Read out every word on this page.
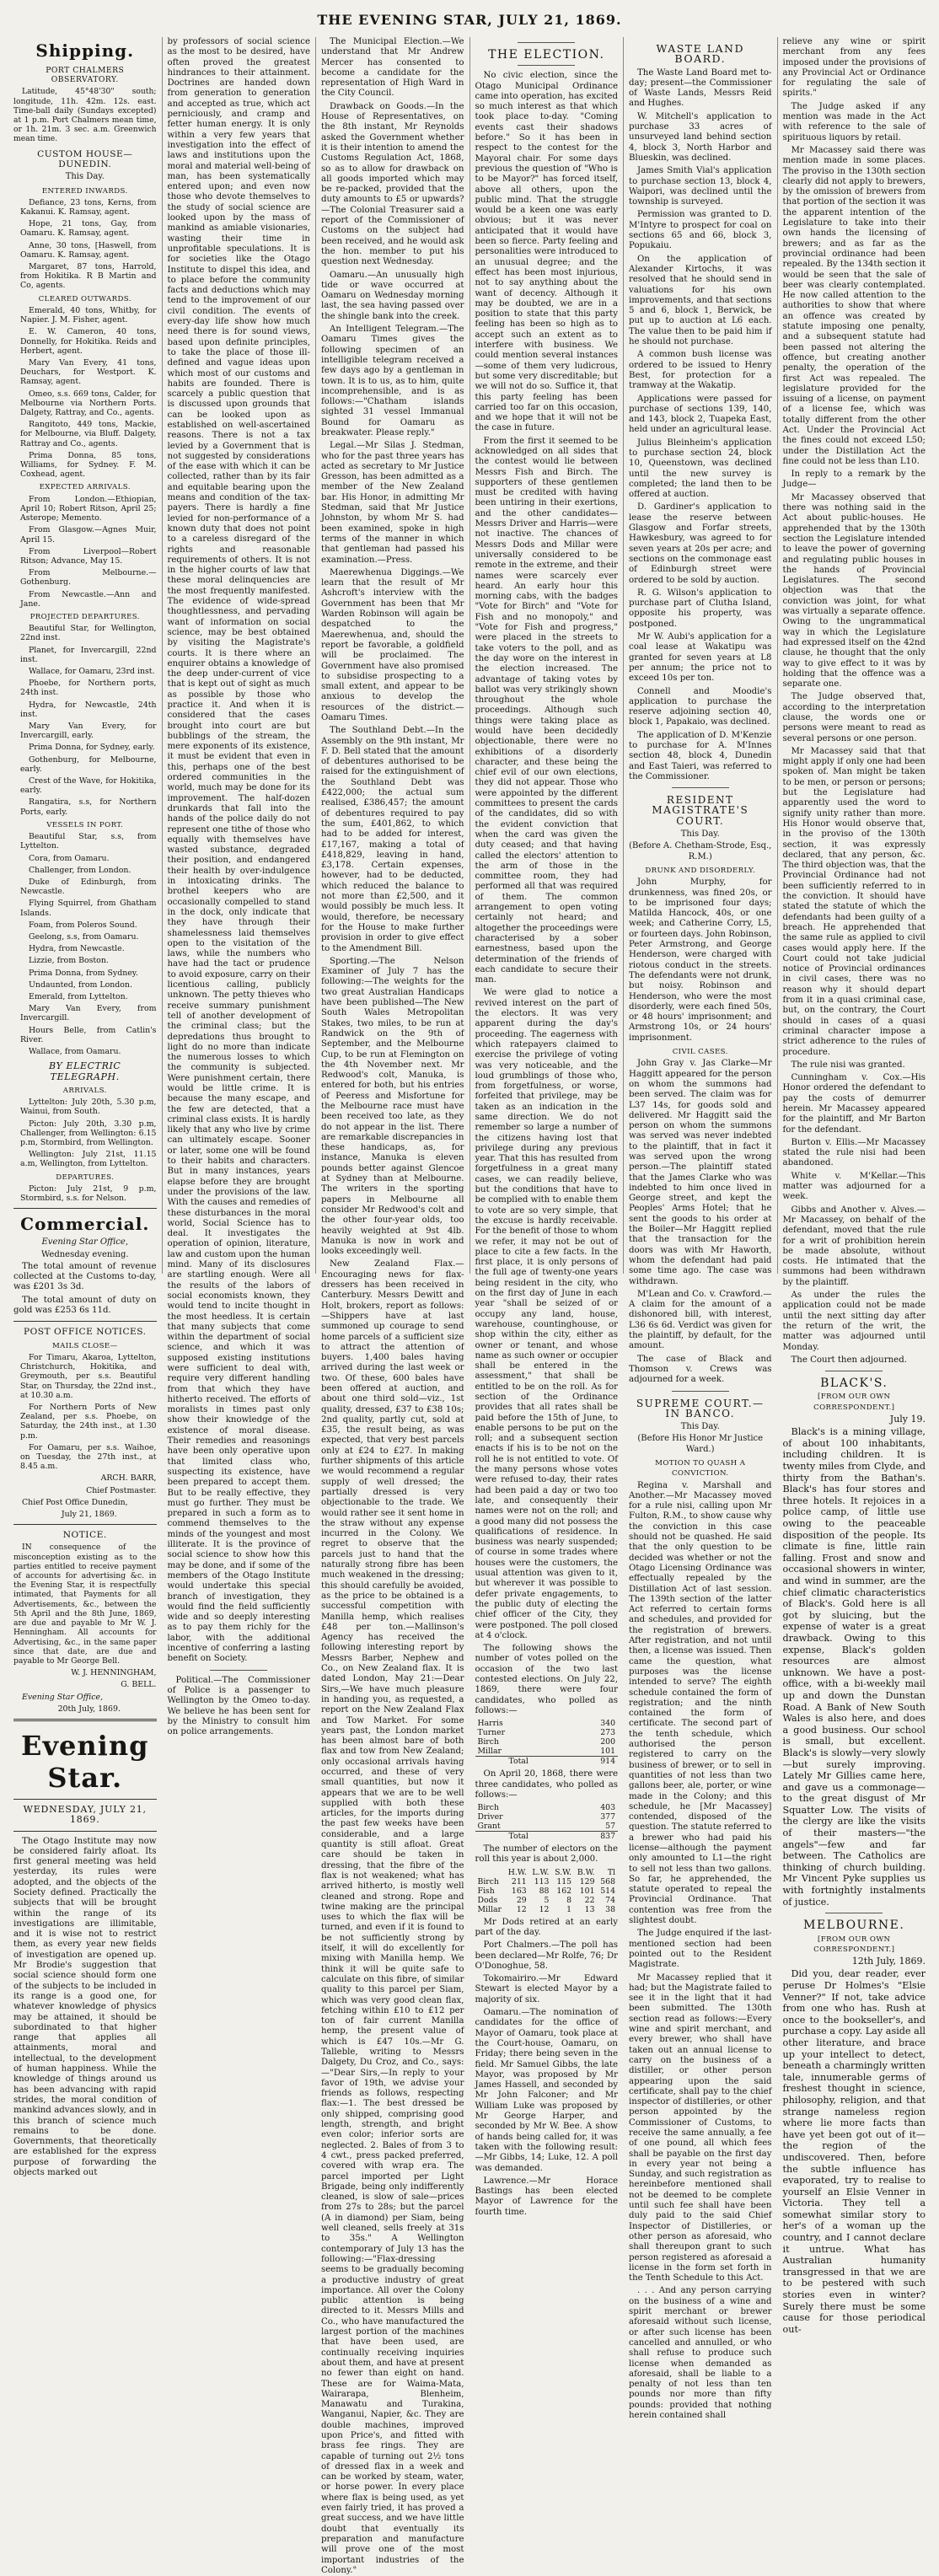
THE EVENING STAR, JULY 21, 1869.
Shipping.
PORT CHALMERS OBSERVATORY.

Latitude, 45°48'30" south; longitude, 11h. 42m. 12s. east. Time-ball daily (Sundays excepted) at 1 p.m. Port Chalmers mean time, or 1h. 21m. 3 sec. a.m. Greenwich mean time.

CUSTOM HOUSE—DUNEDIN.
This Day.
ENTERED INWARDS.

Defiance, 23 tons, Kerns, from Kakanui. K. Ramsay, agent.

Hope, 21 tons, Gay, from Oamaru. K. Ramsay, agent.

Anne, 30 tons, [Haswell, from Oamaru. K. Ramsay, agent.

Margaret, 87 tons, Harrold, from Hokitika. R B Martin and Co, agents.

CLEARED OUTWARDS.

Emerald, 40 tons, Whitby, for Napier. J. M. Fisher, agent.

E. W. Cameron, 40 tons, Donnelly, for Hokitika. Reids and Herbert, agent.

Mary Van Every, 41 tons, Deuchars, for Westport. K. Ramsay, agent.

Omeo, s.s. 669 tons, Calder, for Melbourne via Northern Ports. Dalgety, Rattray, and Co., agents.

Rangitoto, 449 tons, Mackie, for Melbourne, via Bluff. Dalgety, Rattray and Co., agents.

Prima Donna, 85 tons, Williams, for Sydney. F. M. Coxhead, agent.

EXPECTED ARRIVALS.

From London.—Ethiopian, April 10; Robert Ritson, April 25; Asterope; Memento.

From Glasgow.—Agnes Muir, April 15.

From Liverpool—Robert Ritson; Advance, May 15.

From Melbourne.—Gothenburg.

From Newcastle.—Ann and Jane.

PROJECTED DEPARTURES.

Beautiful Star, for Wellington, 22nd inst.

Planet, for Invercargill, 22nd inst.

Wallace, for Oamaru, 23rd inst.

Phoebe, for Northern ports, 24th inst.

Hydra, for Newcastle, 24th inst.

Mary Van Every, for Invercargill, early.

Prima Donna, for Sydney, early.

Gothenburg, for Melbourne, early.

Crest of the Wave, for Hokitika, early.

Rangatira, s.s, for Northern Ports, early.

VESSELS IN PORT.

Beautiful Star, s.s, from Lyttelton.

Cora, from Oamaru.

Challenger, from London.

Duke of Edinburgh, from Newcastle.

Flying Squirrel, from Ghatham Islands.

Foam, from Poleros Sound.

Geelong, s.s, from Oamaru.

Hydra, from Newcastle.

Lizzie, from Boston.

Prima Donna, from Sydney.

Undaunted, from London.

Emerald, from Lyttelton.

Mary Van Every, from Invercargill.

Hours Belle, from Catlin's River.

Wallace, from Oamaru.

BY ELECTRIC TELEGRAPH.
ARRIVALS.

Lyttelton: July 20th, 5.30 p.m, Wainui, from South.

Picton: July 20th, 3.30 p.m, Challenger, from Wellington: 6.15 p.m, Stormbird, from Wellington.

Wellington: July 21st, 11.15 a.m, Wellington, from Lyttelton.

DEPARTURES.

Picton: July 21st, 9 p.m, Stormbird, s.s. for Nelson.

Commercial.
Evening Star Office,
Wednesday evening.

The total amount of revenue collected at the Customs to-day, was £201 3s 3d.

The total amount of duty on gold was £253 6s 11d.

POST OFFICE NOTICES.
MAILS CLOSE—

For Timaru, Akaroa, Lyttelton, Christchurch, Hokitika, and Greymouth, per s.s. Beautiful Star, on Thursday, the 22nd inst., at 10.30 a.m.

For Northern Ports of New Zealand, per s.s. Phoebe, on Saturday, the 24th inst., at 1.30 p.m.

For Oamaru, per s.s. Waihoe, on Tuesday, the 27th inst., at 8.45 a.m.

ARCH. BARR,

Chief Postmaster.

Chief Post Office Dunedin,

July 21, 1869.

NOTICE.

IN consequence of the misconception existing as to the parties entitled to receive payment of accounts for advertising &c. in the Evening Star, it is respectfully intimated, that Payments for all Advertisements, &c., between the 5th April and the 8th June, 1869, are due and payable to Mr W. J. Henningham. All accounts for Advertising, &c., in the same paper since that date, are due and payable to Mr George Bell.

W. J. HENNINGHAM,

G. BELL.

Evening Star Office,

20th July, 1869.

Evening Star.
WEDNESDAY, JULY 21, 1869.

The Otago Institute may now be considered fairly afloat. Its first general meeting was held yesterday, its rules were adopted, and the objects of the Society defined. Practically the subjects that will be brought within the range of its investigations are illimitable, and it is wise not to restrict them, as every year new fields of investigation are opened up. Mr Brodie's suggestion that social science should form one of the subjects to be included in its range is a good one, for whatever knowledge of physics may be attained, it should be subordinated to that higher range that applies all attainments, moral and intellectual, to the development of human happiness. While the knowledge of things around us has been advancing with rapid strides, the moral condition of mankind advances slowly, and in this branch of science much remains to be done. Governments, that theoretically are established for the express purpose of forwarding the objects marked out

by professors of social science as the most to be desired, have often proved the greatest hindrances to their attainment. Doctrines are handed down from generation to generation and accepted as true, which act perniciously, and cramp and fetter human energy. It is only within a very few years that investigation into the effect of laws and institutions upon the moral and material well-being of man, has been systematically entered upon; and even now those who devote themselves to the study of social science are looked upon by the mass of mankind as amiable visionaries, wasting their time in unprofitable speculations. It is for societies like the Otago Institute to dispel this idea, and to place before the community facts and deductions which may tend to the improvement of our civil condition. The events of every-day life show how much need there is for sound views, based upon definite principles, to take the place of those ill-defined and vague ideas upon which most of our customs and habits are founded. There is scarcely a public question that is discussed upon grounds that can be looked upon as established on well-ascertained reasons. There is not a tax levied by a Government that is not suggested by considerations of the ease with which it can be collected, rather than by its fair and equitable bearing upon the means and condition of the tax-payers. There is hardly a fine levied for non-performance of a known duty that does not point to a careless disregard of the rights and reasonable requirements of others. It is not in the higher courts of law that these moral delinquencies are the most frequently manifested. The evidence of wide-spread thoughtlessness, and pervading want of information on social science, may be best obtained by visiting the Magistrate's courts. It is there where an enquirer obtains a knowledge of the deep under-current of vice that is kept out of sight as much as possible by those who practice it. And when it is considered that the cases brought into court are but bubblings of the stream, the mere exponents of its existence, it must be evident that even in this, perhaps one of the best ordered communities in the world, much may be done for its improvement. The half-dozen drunkards that fall into the hands of the police daily do not represent one tithe of those who equally with themselves have wasted substance, degraded their position, and endangered their health by over-indulgence in intoxicating drinks. The brothel keepers who are occasionally compelled to stand in the dock, only indicate that they have through their shamelessness laid themselves open to the visitation of the laws, while the numbers who have had the tact or prudence to avoid exposure, carry on their licentious calling, publicly unknown. The petty thieves who receive summary punishment tell of another development of the criminal class; but the depredations thus brought to light do no more than indicate the numerous losses to which the community is subjected. Were punishment certain, there would be little crime. It is because the many escape, and the few are detected, that a criminal class exists. It is hardly likely that any who live by crime can ultimately escape. Sooner or later, some one will be found to their habits and characters. But in many instances, years elapse before they are brought under the provisions of the law. With the causes and remedies of these disturbances in the moral world, Social Science has to deal. It investigates the operation of opinion, literature, law and custom upon the human mind. Many of its disclosures are startling enough. Were all the results of the labors of social economists known, they would tend to incite thought in the most heedless. It is certain that many subjects that come within the department of social science, and which it was supposed existing institutions were sufficient to deal with, require very different handling from that which they have hitherto received. The efforts of moralists in times past only show their knowledge of the existence of moral disease. Their remedies and reasonings have been only operative upon that limited class who, suspecting its existence, have been prepared to accept them. But to be really effective, they must go further. They must be prepared in such a form as to commend themselves to the minds of the youngest and most illiterate. It is the province of social science to show how this may be done, and if some of the members of the Otago Institute would undertake this special branch of investigation, they would find the field sufficiently wide and so deeply interesting as to pay them richly for the labor, with the additional incentive of conferring a lasting benefit on Society.

Political.—The Commissioner of Police is a passenger to Wellington by the Omeo to-day. We believe he has been sent for by the Ministry to consult him on police arrangements.

The Municipal Election.—We understand that Mr Andrew Mercer has consented to become a candidate for the representation of High Ward in the City Council.

Drawback on Goods.—In the House of Representatives, on the 8th instant, Mr Reynolds asked the Government whether it is their intention to amend the Customs Regulation Act, 1868, so as to allow for drawback on all goods imported which may be re-packed, provided that the duty amounts to £5 or upwards?—The Colonial Treasurer said a report of the Commissioner of Customs on the subject had been received, and he would ask the hon. member to put his question next Wednesday.

Oamaru.—An unusually high tide or wave occurred at Oamaru on Wednesday morning last, the sea having passed over the shingle bank into the creek.

An Intelligent Telegram.—The Oamaru Times gives the following specimen of an intelligible telegram received a few days ago by a gentleman in town. It is to us, as to him, quite incomprehensible, and is as follows:—"Chatham islands sighted 31 vessel Immanual Bound for Oamaru as breakwater. Please reply."

Legal.—Mr Silas J. Stedman, who for the past three years has acted as secretary to Mr Justice Gresson, has been admitted as a member of the New Zealand bar. His Honor, in admitting Mr Stedman, said that Mr Justice Johnston, by whom Mr S. had been examined, spoke in high terms of the manner in which that gentleman had passed his examination.—Press.

Maerewhenua Diggings.—We learn that the result of Mr Ashcroft's interview with the Government has been that Mr Warden Robinson will again be despatched to the Maerewhenua, and, should the report be favorable, a goldfield will be proclaimed. The Government have also promised to subsidise prospecting to a small extent, and appear to be anxious to develop the resources of the district.—Oamaru Times.

The Southland Debt.—In the Assembly on the 9th instant, Mr F. D. Bell stated that the amount of debentures authorised to be raised for the extinguishment of the Southland Debt was £422,000; the actual sum realised, £386,457; the amount of debentures required to pay the sum, £401,862, to which had to be added for interest, £17,167, making a total of £418,829, leaving in hand, £3,178. Certain expenses, however, had to be deducted, which reduced the balance to not more than £2,500, and it would possibly be much less. It would, therefore, be necessary for the House to make further provision in order to give effect to the Amendment Bill.

Sporting.—The Nelson Examiner of July 7 has the following:—The weights for the two great Australian Handicaps have been published—The New South Wales Metropolitan Stakes, two miles, to be run at Randwick on the 9th of September, and the Melbourne Cup, to be run at Flemington on the 4th November next. Mr Redwood's colt, Manuka, is entered for both, but his entries of Peeress and Misfortune for the Melbourne race must have been received too late, as they do not appear in the list. There are remarkable discrepancies in these handicaps, as, for instance, Manuka is eleven pounds better against Glencoe at Sydney than at Melbourne. The writers in the sporting papers in Melbourne all consider Mr Redwood's colt and the other four-year olds, too heavily weighted at 9st 4lb. Manuka is now in work and looks exceedingly well.

New Zealand Flax.—Encouraging news for flax-dressers has been received in Canterbury. Messrs Dewitt and Holt, brokers, report as follows:—Shippers have at last summoned up courage to send home parcels of a sufficient size to attract the attention of buyers. 1,400 bales having arrived during the last week or two. Of these, 600 bales have been offered at auction, and about one third sold—viz., 1st quality, dressed, £37 to £38 10s; 2nd quality, partly cut, sold at £35, the result being, as was expected, that very best parcels only at £24 to £27. In making further shipments of this article we would recommend a regular supply of well dressed; the partially dressed is very objectionable to the trade. We would rather see it sent home in the straw without any expense incurred in the Colony. We regret to observe that the parcels just to hand that the naturally strong fibre has been much weakened in the dressing; this should carefully be avoided, as the price to be obtained is a successful competition with Manilla hemp, which realises £48 per ton.—Mallinson's Agency has received the following interesting report by Messrs Barber, Nephew and Co., on New Zealand flax. It is dated London, May 21:—Dear Sirs,—We have much pleasure in handing you, as requested, a report on the New Zealand Flax and Tow Market. For some years past, the London market has been almost bare of both flax and tow from New Zealand; only occasional arrivals having occurred, and these of very small quantities, but now it appears that we are to be well supplied with both these articles, for the imports during the past few weeks have been considerable, and a large quantity is still afloat. Great care should be taken in dressing, that the fibre of the flax is not weakened; what has arrived hitherto, is mostly well cleaned and strong. Rope and twine making are the principal uses to which the flax will be turned, and even if it is found to be not sufficiently strong by itself, it will do excellently for mixing with Manilla hemp. We think it will be quite safe to calculate on this fibre, of similar quality to this parcel per Siam, which was very good clean flax, fetching within £10 to £12 per ton of fair current Manilla hemp, the present value of which is £47 10s.—Mr G. Talleble, writing to Messrs Dalgety, Du Croz, and Co., says:—"Dear Sirs,—In reply to your favor of 19th, we advise your friends as follows, respecting flax:—1. The best dressed be only shipped, comprising good length, strength, and bright even color; inferior sorts are neglected. 2. Bales of from 3 to 4 cwt., press packed preferred, covered with wrap era. The parcel imported per Light Brigade, being only indifferently cleaned, is slow of sale—prices from 27s to 28s; but the parcel (A in diamond) per Siam, being well cleaned, sells freely at 31s to 35s." A Wellington contemporary of July 13 has the following:—"Flax-dressing seems to be gradually becoming a productive industry of great importance. All over the Colony public attention is being directed to it. Messrs Mills and Co., who have manufactured the largest portion of the machines that have been used, are continually receiving inquiries about them, and have at present no fewer than eight on hand. These are for Waima-Mata, Wairarapa, Blenheim, Manawatu and Turakina, Wanganui, Napier, &c. They are double machines, improved upon Price's, and fitted with brass fee rings. They are capable of turning out 2½ tons of dressed flax in a week and can be worked by steam, water, or horse power. In every place where flax is being used, as yet even fairly tried, it has proved a great success, and we have little doubt that eventually its preparation and manufacture will prove one of the most important industries of the Colony."

THE ELECTION.

No civic election, since the Otago Municipal Ordinance came into operation, has excited so much interest as that which took place to-day. "Coming events cast their shadows before." So it has been in respect to the contest for the Mayoral chair. For some days previous the question of "Who is to be Mayor?" has forced itself, above all others, upon the public mind. That the struggle would be a keen one was early obvious; but it was never anticipated that it would have been so fierce. Party feeling and personalities were introduced to an unusual degree; and the effect has been most injurious, not to say anything about the want of decency. Although it may be doubted, we are in a position to state that this party feeling has been so high as to accept such an extent as to interfere with business. We could mention several instances—some of them very ludicrous, but some very discreditable; but we will not do so. Suffice it, that this party feeling has been carried too far on this occasion, and we hope that it will not be the case in future.

From the first it seemed to be acknowledged on all sides that the contest would lie between Messrs Fish and Birch. The supporters of these gentlemen must be credited with having been untiring in their exertions, and the other candidates—Messrs Driver and Harris—were not inactive. The chances of Messrs Dods and Millar were universally considered to be remote in the extreme, and their names were scarcely ever heard. An early hour this morning cabs, with the badges "Vote for Birch" and "Vote for Fish and no monopoly," and "Vote for Fish and progress," were placed in the streets to take voters to the poll, and as the day wore on the interest in the election increased. The advantage of taking votes by ballot was very strikingly shown throughout the whole proceedings. Although such things were taking place as would have been decidedly objectionable, there were no exhibitions of a disorderly character, and these being the chief evil of our own elections, they did not appear. Those who were appointed by the different committees to present the cards of the candidates, did so with the evident conviction that when the card was given the duty ceased; and that having called the electors' attention to the arm of those in the committee room, they had performed all that was required of them. The common arrangement to open voting certainly not heard; and altogether the proceedings were characterised by a sober earnestness, based upon the determination of the friends of each candidate to secure their man.

We were glad to notice a revived interest on the part of the electors. It was very apparent during the day's proceeding. The eagerness with which ratepayers claimed to exercise the privilege of voting was very noticeable, and the loud grumblings of those who, from forgetfulness, or worse, forfeited that privilege, may be taken as an indication in the same direction. We do not remember so large a number of the citizens having lost that privilege during any previous year. That this has resulted from forgetfulness in a great many cases, we can readily believe, but the conditions that have to be complied with to enable them to vote are so very simple, that the excuse is hardly receivable. For the benefit of those to whom we refer, it may not be out of place to cite a few facts. In the first place, it is only persons of the full age of twenty-one years being resident in the city, who on the first day of June in each year "shall be seized of or occupy any land, house, warehouse, countinghouse, or shop within the city, either as owner or tenant, and whose name as such owner or occupier shall be entered in the assessment," that shall be entitled to be on the roll. As for section of the Ordinance provides that all rates shall be paid before the 15th of June, to enable persons to be put on the roll; and a subsequent section enacts if his is to be not on the roll he is not entitled to vote. Of the many persons whose votes were refused to-day, their rates had been paid a day or two too late, and consequently their names were not on the roll; and a good many did not possess the qualifications of residence. In business was nearly suspended; of course in some trades where houses were the customers, the usual attention was given to it, but wherever it was possible to defer private engagements, to the public duty of electing the chief officer of the City, they were postponed. The poll closed at 4 o'clock.

The following shows the number of votes polled on the occasion of the two last contested elections. On July 22, 1869, there were four candidates, who polled as follows:—

Harris	340
Turner	273
Birch	200
Millar	101
Total	914

On April 20, 1868, there were three candidates, who polled as follows:—

Birch	403
Driver	377
Grant	57
Total	837

The number of electors on the roll this year is about 2,000.

	H.W.	L.W.	S.W.	B.W.	Tl
Birch	211	113	115	129	568
Fish	163	88	162	101	514
Dods	29	5	8	22	74
Millar	12	12	1	13	38

Mr Dods retired at an early part of the day.

Port Chalmers.—The poll has been declared—Mr Rolfe, 76; Dr O'Donoghue, 58.

Tokomairiro.—Mr Edward Stewart is elected Mayor by a majority of six.

Oamaru.—The nomination of candidates for the office of Mayor of Oamaru, took place at the Court-house, Oamaru, on Friday; there being seven in the field. Mr Samuel Gibbs, the late Mayor, was proposed by Mr James Hassell, and seconded by Mr John Falconer; and Mr William Luke was proposed by Mr George Harper, and seconded by Mr W. Bee. A show of hands being called for, it was taken with the following result:—Mr Gibbs, 14; Luke, 12. A poll was demanded.

Lawrence.—Mr Horace Bastings has been elected Mayor of Lawrence for the fourth time.

WASTE LAND BOARD.

The Waste Land Board met to-day; present—the Commissioner of Waste Lands, Messrs Reid and Hughes.

W. Mitchell's application to purchase 33 acres of unsurveyed land behind section 4, block 3, North Harbor and Blueskin, was declined.

James Smith Vial's application to purchase section 13, block 4, Waipori, was declined until the township is surveyed.

Permission was granted to D. M'Intyre to prospect for coal on sections 65 and 66, block 3, Popukaiu.

On the application of Alexander Kirtochs, it was resolved that he should send in valuations for his own improvements, and that sections 5 and 6, block 1, Berwick, be put up to auction at L6 each. The value then to be paid him if he should not purchase.

A common bush license was ordered to be issued to Henry Best, for protection for a tramway at the Wakatip.

Applications were passed for purchase of sections 139, 140, and 143, block 2, Tuapeka East, held under an agricultural lease.

Julius Bleinheim's application to purchase section 24, block 10, Queenstown, was declined until the new survey is completed; the land then to be offered at auction.

D. Gardiner's application to lease the reserve between Glasgow and Forfar streets, Hawkesbury, was agreed to for seven years at 20s per acre; and sections on the commonage east of Edinburgh street were ordered to be sold by auction.

R. G. Wilson's application to purchase part of Clutha Island, opposite his property, was postponed.

Mr W. Aubi's application for a coal lease at Wakatipu was granted for seven years at L8 per annum; the price not to exceed 10s per ton.

Connell and Moodie's application to purchase the reserve adjoining section 40, block 1, Papakaio, was declined.

The application of D. M'Kenzie to purchase for A. M'Innes section 48, block 4, Dunedin and East Taieri, was referred to the Commissioner.

RESIDENT MAGISTRATE'S COURT.
This Day.
(Before A. Chetham-Strode, Esq., R.M.)
DRUNK AND DISORDERLY.

John Murphy, for drunkenness, was fined 20s, or to be imprisoned four days; Matilda Hancock, 40s, or one week; and Catherine Corry, L5, or fourteen days. John Robinson, Peter Armstrong, and George Henderson, were charged with riotous conduct in the streets. The defendants were not drunk, but noisy. Robinson and Henderson, who were the most disorderly, were each fined 50s, or 48 hours' imprisonment; and Armstrong 10s, or 24 hours' imprisonment.

CIVIL CASES.

John Gray v. Jas Clarke—Mr Haggitt appeared for the person on whom the summons had been served. The claim was for L37 14s, for goods sold and delivered. Mr Haggitt said the person on whom the summons was served was never indebted to the plaintiff, that in fact it was served upon the wrong person.—The plaintiff stated that the James Clarke who was indebted to him once lived in George street, and kept the Peoples' Arms Hotel; that he sent the goods to his order at the Boiler—Mr Haggitt replied that the transaction for the doors was with Mr Haworth, whom the defendant had paid some time ago. The case was withdrawn.

M'Lean and Co. v. Crawford.—A claim for the amount of a dishonored bill, with interest, L36 6s 6d. Verdict was given for the plaintiff, by default, for the amount.

The case of Black and Thomson v. Crews was adjourned for a week.

SUPREME COURT.—IN BANCO.
This Day.
(Before His Honor Mr Justice Ward.)
MOTION TO QUASH A CONVICTION.

Regina v. Marshall and Another.—Mr Macassey moved for a rule nisi, calling upon Mr Fulton, R.M., to show cause why the conviction in this case should not be quashed. He said that the only question to be decided was whether or not the Otago Licensing Ordinance was effectually repealed by the Distillation Act of last session. The 139th section of the latter Act referred to certain forms and schedules, and provided for the registration of brewers. After registration, and not until then, a license was issued. Then came the question, what purposes was the license intended to serve? The eighth schedule contained the form of registration; and the ninth contained the form of certificate. The second part of the tenth schedule, which authorised the person registered to carry on the business of brewer, or to sell in quantities of not less than two gallons beer, ale, porter, or wine made in the Colony; and this schedule, he [Mr Macassey] contended, disposed of the question. The statute referred to a brewer who had paid his license—although the payment only amounted to L1—the right to sell not less than two gallons. So far, he apprehended, the statute operated to repeal the Provincial Ordinance. That contention was free from the slightest doubt.

The Judge enquired if the last-mentioned section had been pointed out to the Resident Magistrate.

Mr Macassey replied that it had; but the Magistrate failed to see it in the light that it had been submitted. The 130th section read as follows:—Every wine and spirit merchant, and every brewer, who shall have taken out an annual license to carry on the business of a distiller, or other person appearing upon the said certificate, shall pay to the chief inspector of distilleries, or other person appointed by the Commissioner of Customs, to receive the same annually, a fee of one pound, all which fees shall be payable on the first day in every year not being a Sunday, and such registration as hereinbefore mentioned shall not be deemed to be complete until such fee shall have been duly paid to the said Chief Inspector of Distilleries, or other person as aforesaid, who shall thereupon grant to such person registered as aforesaid a license in the form set forth in the Tenth Schedule to this Act.

. . . And any person carrying on the business of a wine and spirit merchant or brewer aforesaid without such license, or after such license has been cancelled and annulled, or who shall refuse to produce such license when demanded as aforesaid, shall be liable to a penalty of not less than ten pounds nor more than fifty pounds: provided that nothing herein contained shall

relieve any wine or spirit merchant from any fees imposed under the provisions of any Provincial Act or Ordinance for regulating the sale of spirits."

The Judge asked if any mention was made in the Act with reference to the sale of spirituous liquors by retail.

Mr Macassey said there was mention made in some places. The proviso in the 130th section clearly did not apply to brewers, by the omission of brewers from that portion of the section it was the apparent intention of the Legislature to take into their own hands the licensing of brewers; and as far as the provincial ordinance had been repealed. By the 134th section it would be seen that the sale of beer was clearly contemplated. He now called attention to the authorities to show that where an offence was created by statute imposing one penalty, and a subsequent statute had been passed not altering the offence, but creating another penalty, the operation of the first Act was repealed. The legislature provided for the issuing of a license, on payment of a license fee, which was totally different from the other Act. Under the Provincial Act the fines could not exceed L50; under the Distillation Act the fine could not be less than L10.

In reply to a remark by the Judge—

Mr Macassey observed that there was nothing said in the Act about public-houses. He apprehended that by the 130th section the Legislature intended to leave the power of governing and regulating public houses in the hands of Provincial Legislatures. The second objection was that the conviction was joint, for what was virtually a separate offence. Owing to the ungrammatical way in which the Legislature had expressed itself on the 42nd clause, he thought that the only way to give effect to it was by holding that the offence was a separate one.

The Judge observed that, according to the interpretation clause, the words one or persons were meant to read as several persons or one person.

Mr Macassey said that that might apply if only one had been spoken of. Man might be taken to be men, or person or persons; but the Legislature had apparently used the word to signify unity rather than more. His Honor would observe that, in the proviso of the 130th section, it was expressly declared, that any person, &c. The third objection was, that the Provincial Ordinance had not been sufficiently referred to in the conviction. It should have stated the statute of which the defendants had been guilty of a breach. He apprehended that the same rule as applied to civil cases would apply here. If the Court could not take judicial notice of Provincial ordinances in civil cases, there was no reason why it should depart from it in a quasi criminal case, but, on the contrary, the Court should in cases of a quasi criminal character impose a strict adherence to the rules of procedure.

The rule nisi was granted.

Cunningham v. Cox.—His Honor ordered the defendant to pay the costs of demurrer herein. Mr Macassey appeared for the plaintiff, and Mr Barton for the defendant.

Burton v. Ellis.—Mr Macassey stated the rule nisi had been abandoned.

White v. M'Kellar.—This matter was adjourned for a week.

Gibbs and Another v. Alves.—Mr Macassey, on behalf of the defendant, moved that the rule for a writ of prohibition herein be made absolute, without costs. He intimated that the summons had been withdrawn by the plaintiff.

As under the rules the application could not be made until the next sitting day after the return of the writ, the matter was adjourned until Monday.

The Court then adjourned.

BLACK'S.
[FROM OUR OWN CORRESPONDENT.]
July 19.

Black's is a mining village, of about 100 inhabitants, including children. It is twenty miles from Clyde, and thirty from the Bathan's. Black's has four stores and three hotels. It rejoices in a police camp, of little use owing to the peaceable disposition of the people. Its climate is fine, little rain falling. Frost and snow and occasional showers in winter, and wind in summer, are the chief climatic characteristics of Black's. Gold here is all got by sluicing, but the expense of water is a great drawback. Owing to this expense, Black's golden resources are almost unknown. We have a post-office, with a bi-weekly mail up and down the Dunstan Road. A Bank of New South Wales is also here, and does a good business. Our school is small, but excellent. Black's is slowly—very slowly—but surely improving. Lately Mr Gillies came here, and gave us a commonage—to the great disgust of Mr Squatter Low. The visits of the clergy are like the visits of their masters—"the angels"—few and far between. The Catholics are thinking of church building. Mr Vincent Pyke supplies us with fortnightly instalments of justice.

MELBOURNE.
[FROM OUR OWN CORRESPONDENT.]
12th July, 1869.

Did you, dear reader, ever peruse Dr Holmes's "Elsie Venner?" If not, take advice from one who has. Rush at once to the bookseller's, and purchase a copy. Lay aside all other literature, and brace up your intellect to detect, beneath a charmingly written tale, innumerable germs of freshest thought in science, philosophy, religion, and that strange nameless region where lie more facts than have yet been got out of it—the region of the undiscovered. Then, before the subtle influence has evaporated, try to realise to yourself an Elsie Venner in Victoria. They tell a somewhat similar story to her's of a woman up the country, and I cannot declare it untrue. What has Australian humanity transgressed in that we are to be pestered with such stories even in winter? Surely there must be some cause for those periodical out-
